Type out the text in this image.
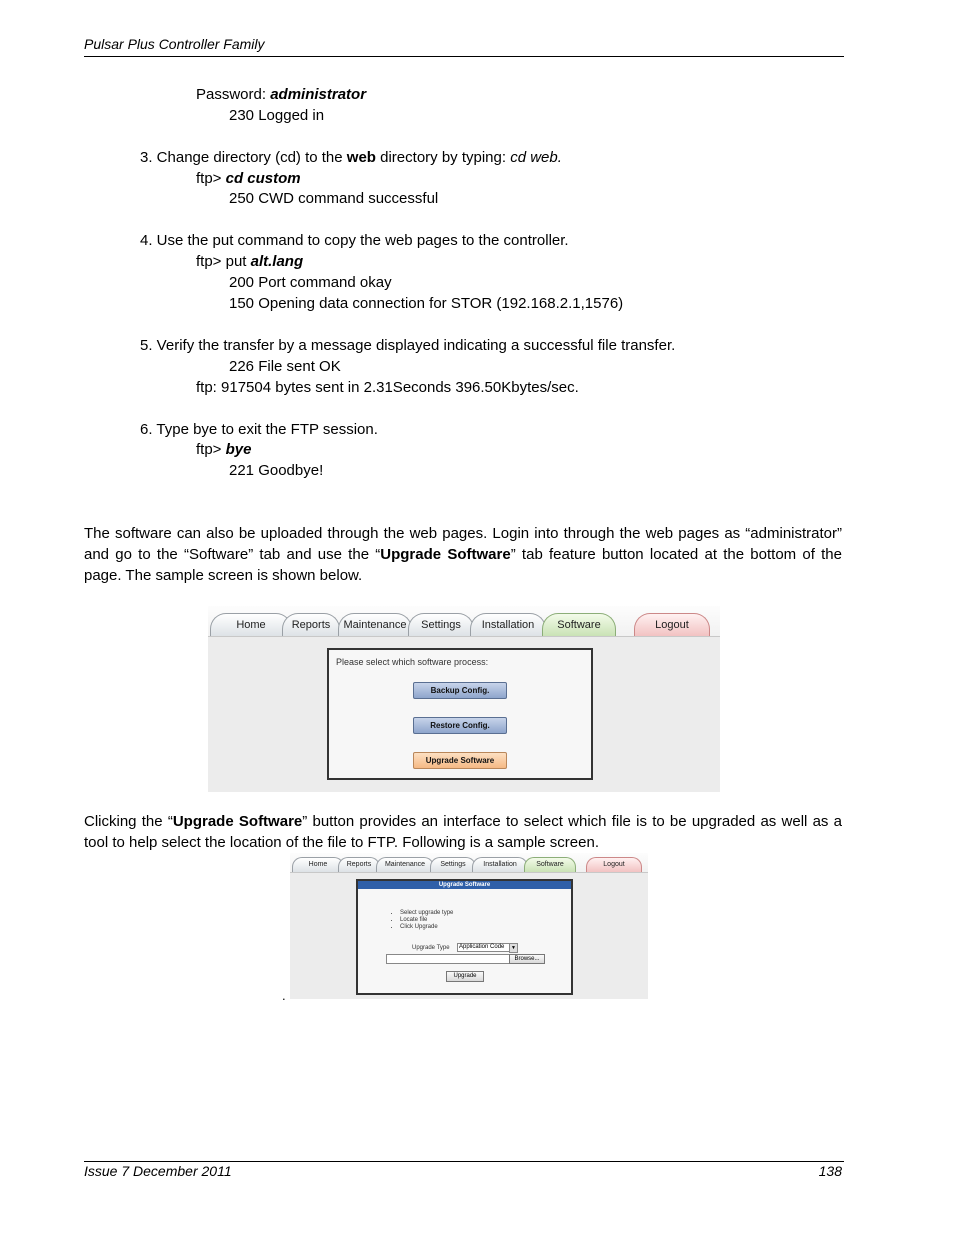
Pulsar Plus Controller Family
Password: administrator
230 Logged in
3. Change directory (cd) to the web directory by typing: cd web.
ftp> cd custom
250 CWD command successful
4. Use the put command to copy the web pages to the controller.
ftp> put alt.lang
200 Port command okay
150 Opening data connection for STOR (192.168.2.1,1576)
5. Verify the transfer by a message displayed indicating a successful file transfer.
226 File sent OK
ftp: 917504 bytes sent in 2.31Seconds 396.50Kbytes/sec.
6. Type bye to exit the FTP session.
ftp> bye
221 Goodbye!
The software can also be uploaded through the web pages. Login into through the web pages as “administrator” and go to the “Software” tab and use the “Upgrade Software” tab feature button located at the bottom of the page. The sample screen is shown below.
Home	Reports	Maintenance	Settings	Installation	Software	Logout
Please select which software process:
Backup Config.
Restore Config.
Upgrade Software
Clicking the “Upgrade Software” button provides an interface to select which file is to be upgraded as well as a tool to help select the location of the file to FTP. Following is a sample screen.
Home	Reports	Maintenance	Settings	Installation	Software	Logout
Upgrade Software
• Select upgrade type
• Locate file
• Click Upgrade
Upgrade Type	Application Code	▼
Browse...
Upgrade
.
Issue 7 December 2011	138
